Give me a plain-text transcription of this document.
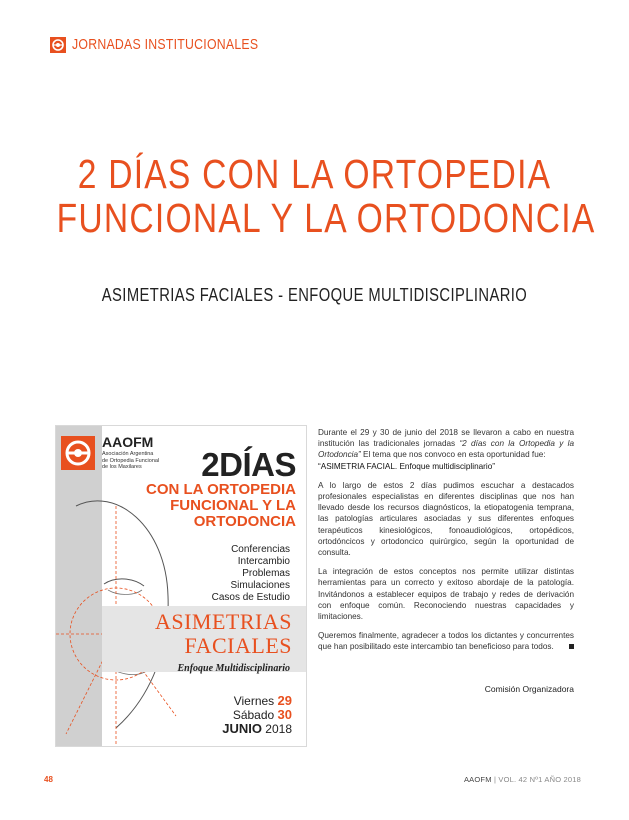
JORNADAS INSTITUCIONALES
2 DÍAS CON LA ORTOPEDIA
FUNCIONAL Y LA ORTODONCIA
ASIMETRIAS FACIALES - ENFOQUE MULTIDISCIPLINARIO
AAOFM
Asociación Argentina
de Ortopedia Funcional
de los Maxilares	2DÍAS
CON LA ORTOPEDIA
FUNCIONAL Y LA
ORTODONCIA
Conferencias
Intercambio
Problemas
Simulaciones
Casos de Estudio
ASIMETRIAS
FACIALES
Enfoque Multidisciplinario
Viernes 29
Sábado 30
JUNIO 2018

Durante el 29 y 30 de junio del 2018 se llevaron a cabo en nuestra institución las tradicionales jornadas “2 días con la Ortopedia y la Ortodoncia” El tema que nos convoco en esta oportunidad fue:
“ASIMETRIA FACIAL. Enfoque multidisciplinario”

A lo largo de estos 2 días pudimos escuchar a destacados profesionales especialistas en diferentes disciplinas que nos han llevado desde los recursos diagnósticos, la etiopatogenia temprana, las patologías articulares asociadas y sus diferentes enfoques terapéuticos kinesiológicos, fonoaudiológicos, ortopédicos, ortodóncicos y ortodoncico quirúrgico, según la oportunidad de consulta.

La integración de estos conceptos nos permite utilizar distintas herramientas para un correcto y exitoso abordaje de la patología. Invitándonos a establecer equipos de trabajo y redes de derivación con enfoque común. Reconociendo nuestras capacidades y limitaciones.

Queremos finalmente, agradecer a todos los dictantes y concurrentes que han posibilitado este intercambio tan beneficioso para todos.

Comisión Organizadora
48	AAOFM | VOL. 42 Nº1 AÑO 2018
